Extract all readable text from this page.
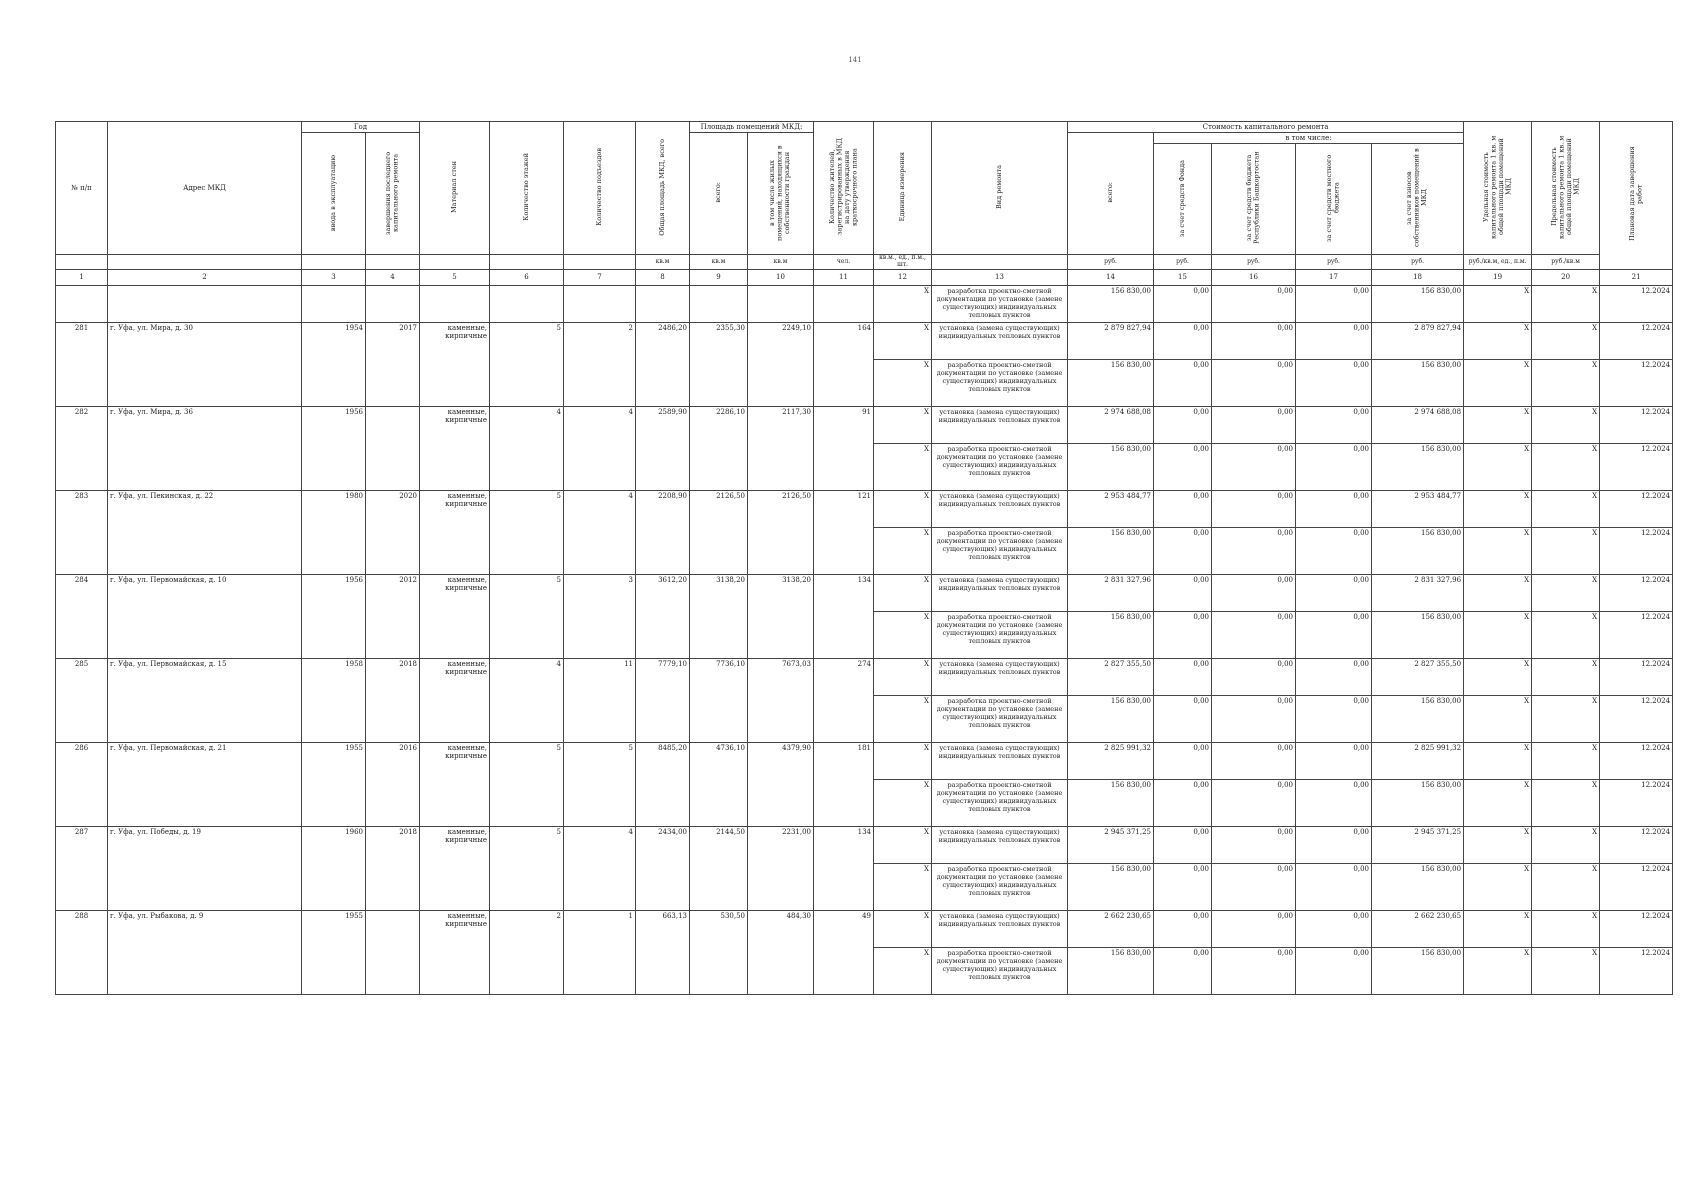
141
№ п/п	Адрес МКД	Год		Материал стен	Количество этажей	Количество подъездов	Общая площадь МКД, всего	Площадь помещений МКД:		Количество жителей, зарегистрированных в МКД на дату утверждения краткосрочного плана	Единица измерения	Вид ремонта	Стоимость капитального ремонта					Удельная стоимость капитального ремонта 1 кв. м общей площади помещений МКД	Предельная стоимость капитального ремонта 1 кв. м общей площади помещений МКД	Плановая дата завершения работ
		ввода в эксплуатацию	завершения последнего капитального ремонта					всего:	в том числе жилых помещений, находящихся в собственности граждан				всего:	в том числе:						
														за счет средств Фонда	за счет средств бюджета Республики Башкортостан	за счет средств местного бюджета	за счет взносов собственников помещений в МКД			
							кв.м	кв.м	кв.м	чел.	кв.м., ед., п.м., шт.		руб.	руб.	руб.	руб.	руб.	руб./кв.м, ед., п.м.	руб./кв.м	
1	2	3	4	5	6	7	8	9	10	11	12	13	14	15	16	17	18	19	20	21
											X	разработка проектно-сметной документации по установке (замене существующих) индивидуальных тепловых пунктов	156 830,00	0,00	0,00	0,00	156 830,00	X	X	12.2024
281	г. Уфа, ул. Мира, д. 30	1954	2017	каменные, кирпичные	5	2	2486,20	2355,30	2249,10	164	X	установка (замена существующих) индивидуальных тепловых пунктов	2 879 827,94	0,00	0,00	0,00	2 879 827,94	X	X	12.2024
											X	разработка проектно-сметной документации по установке (замене существующих) индивидуальных тепловых пунктов	156 830,00	0,00	0,00	0,00	156 830,00	X	X	12.2024
282	г. Уфа, ул. Мира, д. 36	1956		каменные, кирпичные	4	4	2589,90	2286,10	2117,30	91	X	установка (замена существующих) индивидуальных тепловых пунктов	2 974 688,08	0,00	0,00	0,00	2 974 688,08	X	X	12.2024
											X	разработка проектно-сметной документации по установке (замене существующих) индивидуальных тепловых пунктов	156 830,00	0,00	0,00	0,00	156 830,00	X	X	12.2024
283	г. Уфа, ул. Пекинская, д. 22	1980	2020	каменные, кирпичные	5	4	2208,90	2126,50	2126,50	121	X	установка (замена существующих) индивидуальных тепловых пунктов	2 953 484,77	0,00	0,00	0,00	2 953 484,77	X	X	12.2024
											X	разработка проектно-сметной документации по установке (замене существующих) индивидуальных тепловых пунктов	156 830,00	0,00	0,00	0,00	156 830,00	X	X	12.2024
284	г. Уфа, ул. Первомайская, д. 10	1956	2012	каменные, кирпичные	5	3	3612,20	3138,20	3138,20	134	X	установка (замена существующих) индивидуальных тепловых пунктов	2 831 327,96	0,00	0,00	0,00	2 831 327,96	X	X	12.2024
											X	разработка проектно-сметной документации по установке (замене существующих) индивидуальных тепловых пунктов	156 830,00	0,00	0,00	0,00	156 830,00	X	X	12.2024
285	г. Уфа, ул. Первомайская, д. 15	1958	2018	каменные, кирпичные	4	11	7779,10	7736,10	7673,03	274	X	установка (замена существующих) индивидуальных тепловых пунктов	2 827 355,50	0,00	0,00	0,00	2 827 355,50	X	X	12.2024
											X	разработка проектно-сметной документации по установке (замене существующих) индивидуальных тепловых пунктов	156 830,00	0,00	0,00	0,00	156 830,00	X	X	12.2024
286	г. Уфа, ул. Первомайская, д. 21	1955	2016	каменные, кирпичные	5	5	8485,20	4736,10	4379,90	181	X	установка (замена существующих) индивидуальных тепловых пунктов	2 825 991,32	0,00	0,00	0,00	2 825 991,32	X	X	12.2024
											X	разработка проектно-сметной документации по установке (замене существующих) индивидуальных тепловых пунктов	156 830,00	0,00	0,00	0,00	156 830,00	X	X	12.2024
287	г. Уфа, ул. Победы, д. 19	1960	2018	каменные, кирпичные	5	4	2434,00	2144,50	2231,00	134	X	установка (замена существующих) индивидуальных тепловых пунктов	2 945 371,25	0,00	0,00	0,00	2 945 371,25	X	X	12.2024
											X	разработка проектно-сметной документации по установке (замене существующих) индивидуальных тепловых пунктов	156 830,00	0,00	0,00	0,00	156 830,00	X	X	12.2024
288	г. Уфа, ул. Рыбакова, д. 9	1955		каменные, кирпичные	2	1	663,13	530,50	484,30	49	X	установка (замена существующих) индивидуальных тепловых пунктов	2 662 230,65	0,00	0,00	0,00	2 662 230,65	X	X	12.2024
											X	разработка проектно-сметной документации по установке (замене существующих) индивидуальных тепловых пунктов	156 830,00	0,00	0,00	0,00	156 830,00	X	X	12.2024
